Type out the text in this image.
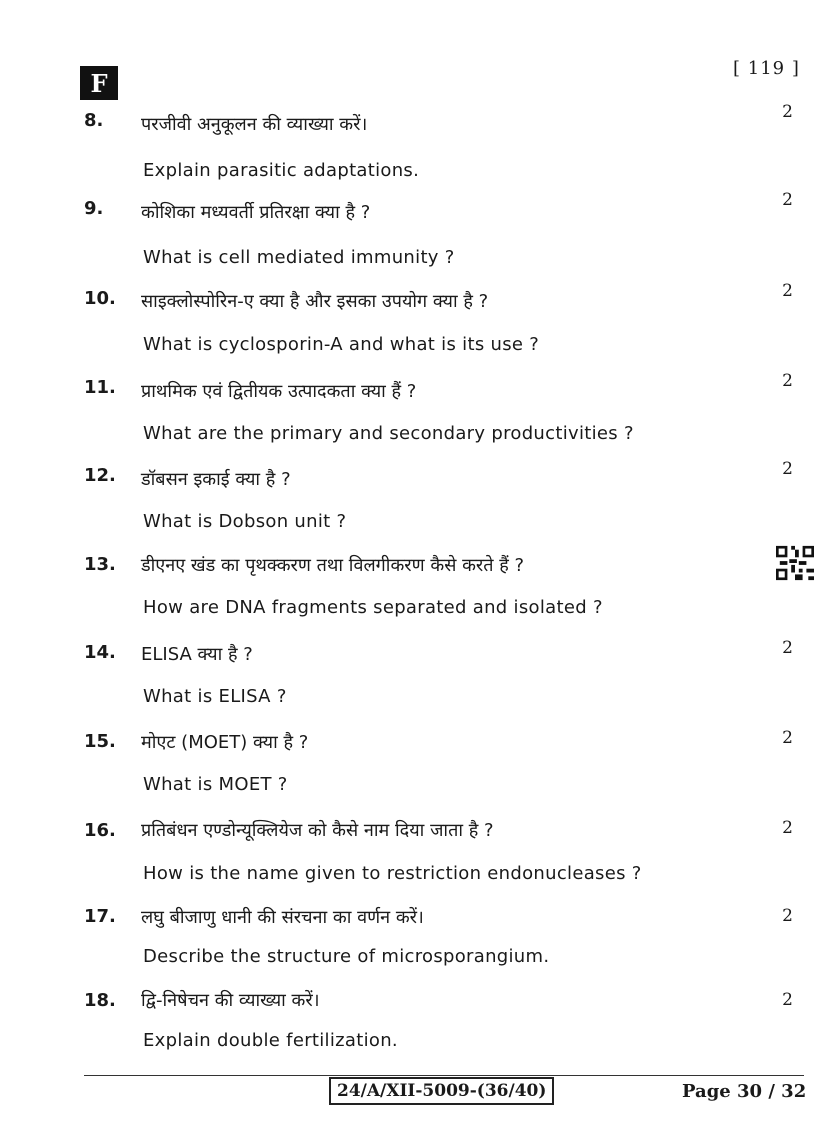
F	[ 119 ]
8. परजीवी अनुकूलन की व्याख्या करें।
2
Explain parasitic adaptations.
9. कोशिका मध्यवर्ती प्रतिरक्षा क्या है ?
2
What is cell mediated immunity ?
10. साइक्लोस्पोरिन-ए क्या है और इसका उपयोग क्या है ?	2
What is cyclosporin-A and what is its use ?
11. प्राथमिक एवं द्वितीयक उत्पादकता क्या हैं ?	2
What are the primary and secondary productivities ?
12. डॉबसन इकाई क्या है ?	2
What is Dobson unit ?
13. डीएनए खंड का पृथक्करण तथा विलगीकरण कैसे करते हैं ?
How are DNA fragments separated and isolated ?
14. ELISA क्या है ?	2
What is ELISA ?
15. मोएट (MOET) क्या है ?	2
What is MOET ?
16. प्रतिबंधन एण्डोन्यूक्लियेज को कैसे नाम दिया जाता है ?	2
How is the name given to restriction endonucleases ?
17. लघु बीजाणु धानी की संरचना का वर्णन करें।	2
Describe the structure of microsporangium.
18. द्वि-निषेचन की व्याख्या करें।	2
Explain double fertilization.
24/A/XII-5009-(36/40)	Page 30 / 32
